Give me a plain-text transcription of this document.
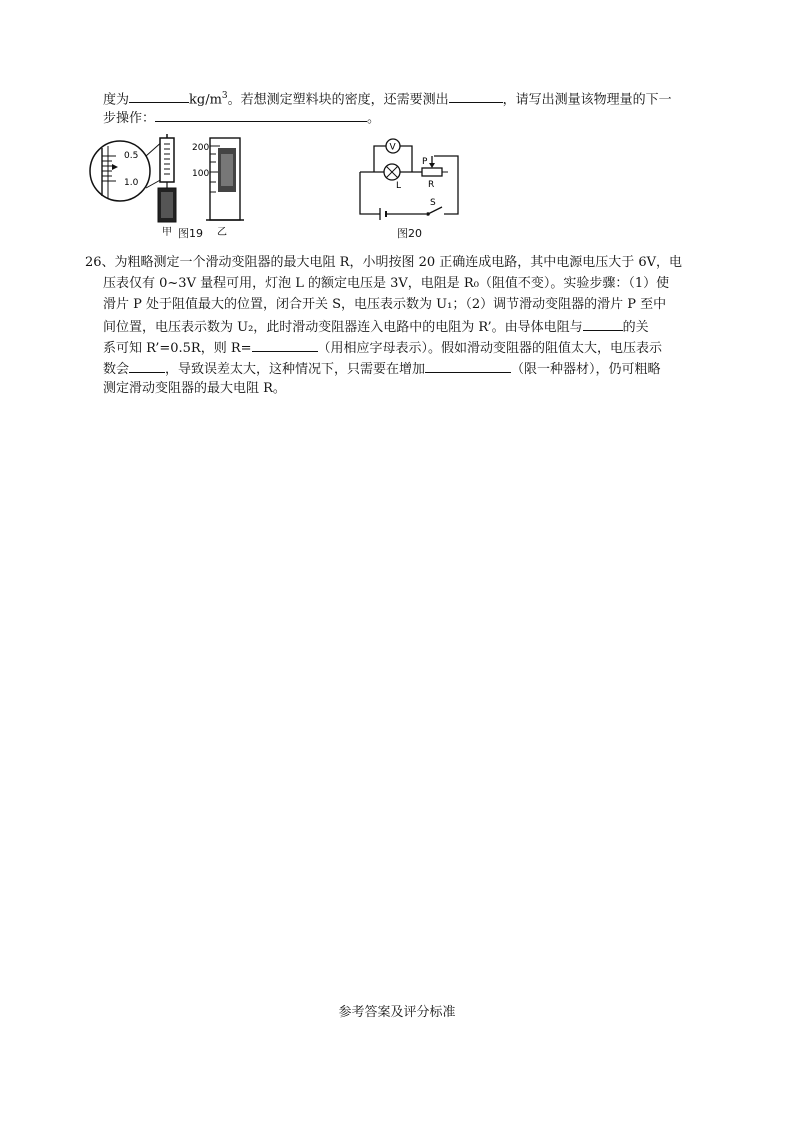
度为	$kg/m^3$。若想测定塑料块的密度，还需要测出	，请写出测量该物理量的下一
步操作：	。
0.5
1.0
甲
200
100
乙
图19
S
P
L	R
V
图20
26、为粗略测定一个滑动变阻器的最大电阻 R，小明按图 20 正确连成电路，其中电源电压大于 6V，电
压表仅有 0~3V 量程可用，灯泡 L 的额定电压是 3V，电阻是 R₀（阻值不变）。实验步骤：（1）使
滑片 P 处于阻值最大的位置，闭合开关 S，电压表示数为 U₁；（2）调节滑动变阻器的滑片 P 至中
间位置，电压表示数为 U₂，此时滑动变阻器连入电路中的电阻为 R’。由导体电阻与	的关
系可知 R’=0.5R，则 R=	（用相应字母表示）。假如滑动变阻器的阻值太大，电压表示
数会	，导致误差太大，这种情况下，只需要在增加	（限一种器材），仍可粗略
测定滑动变阻器的最大电阻 R。
参考答案及评分标准
